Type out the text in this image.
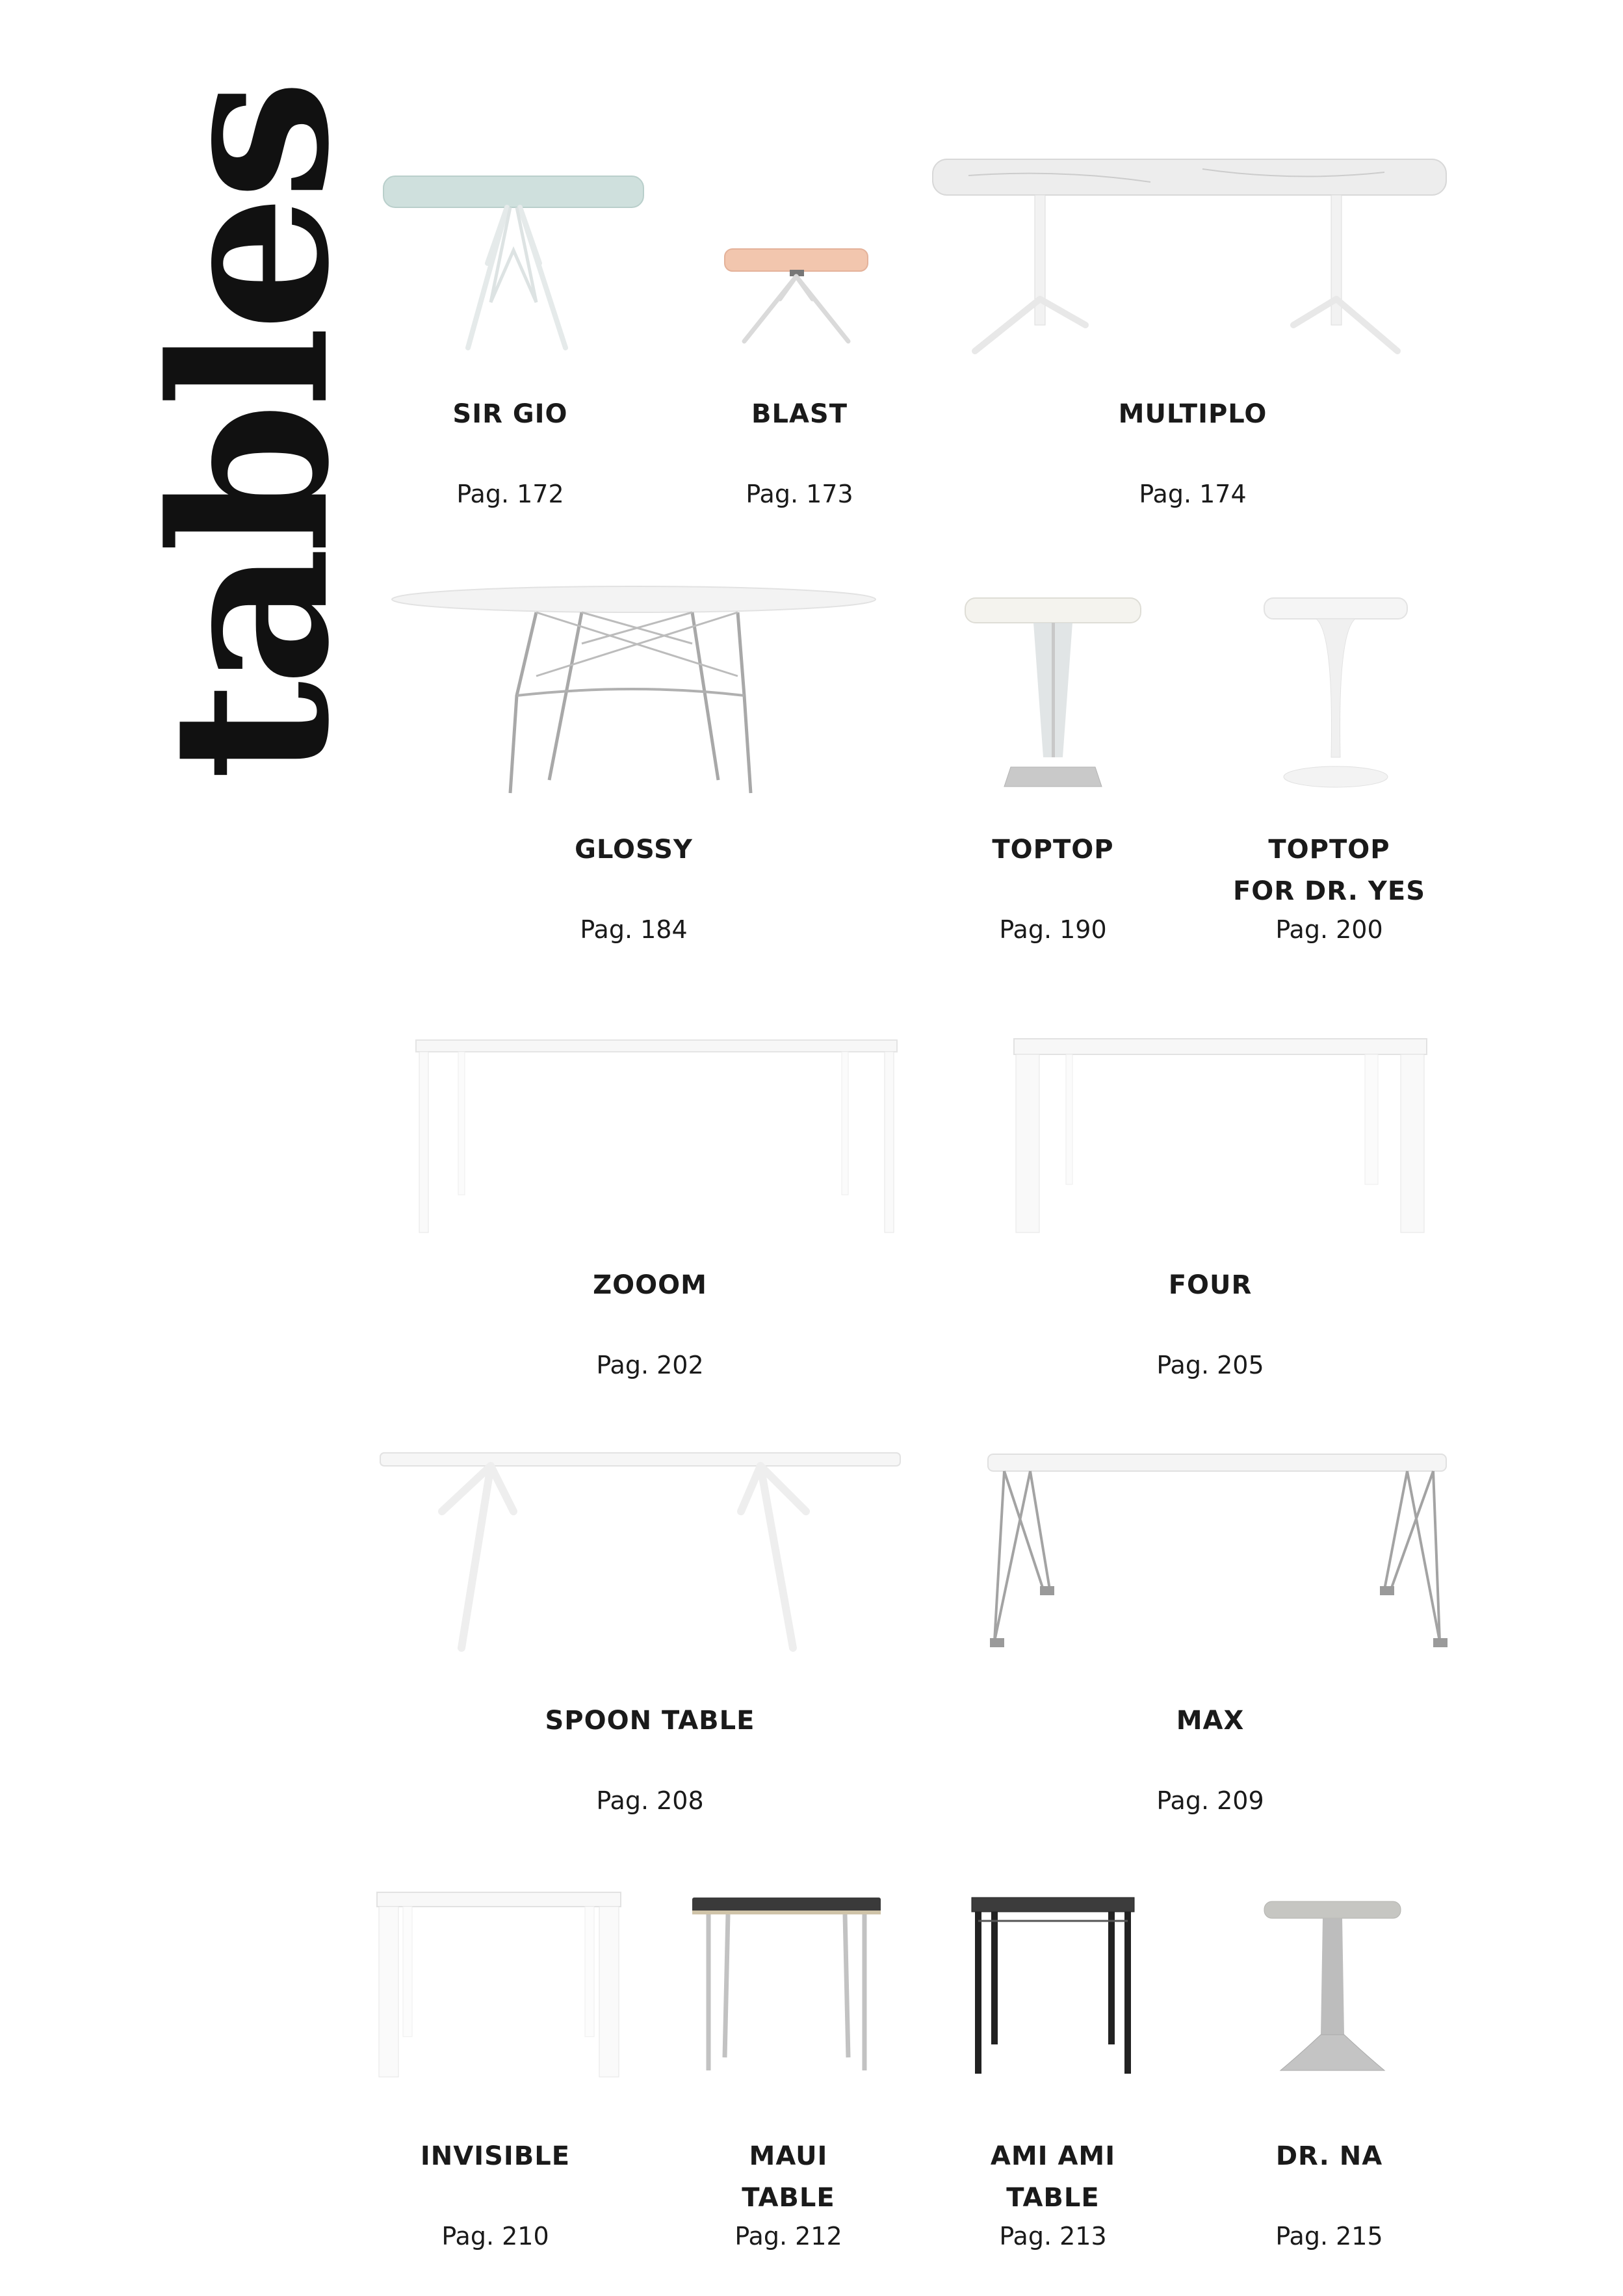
tables	SIR GIO
Pag. 172
BLAST
Pag. 173
MULTIPLO
Pag. 174
GLOSSY
Pag. 184
TOPTOP
Pag. 190
TOPTOP
FOR DR. YES
Pag. 200
ZOOOM
Pag. 202
FOUR
Pag. 205
SPOON TABLE
Pag. 208
MAX
Pag. 209
INVISIBLE
Pag. 210
MAUI
TABLE
Pag. 212
AMI AMI
TABLE
Pag. 213
DR. NA
Pag. 215
